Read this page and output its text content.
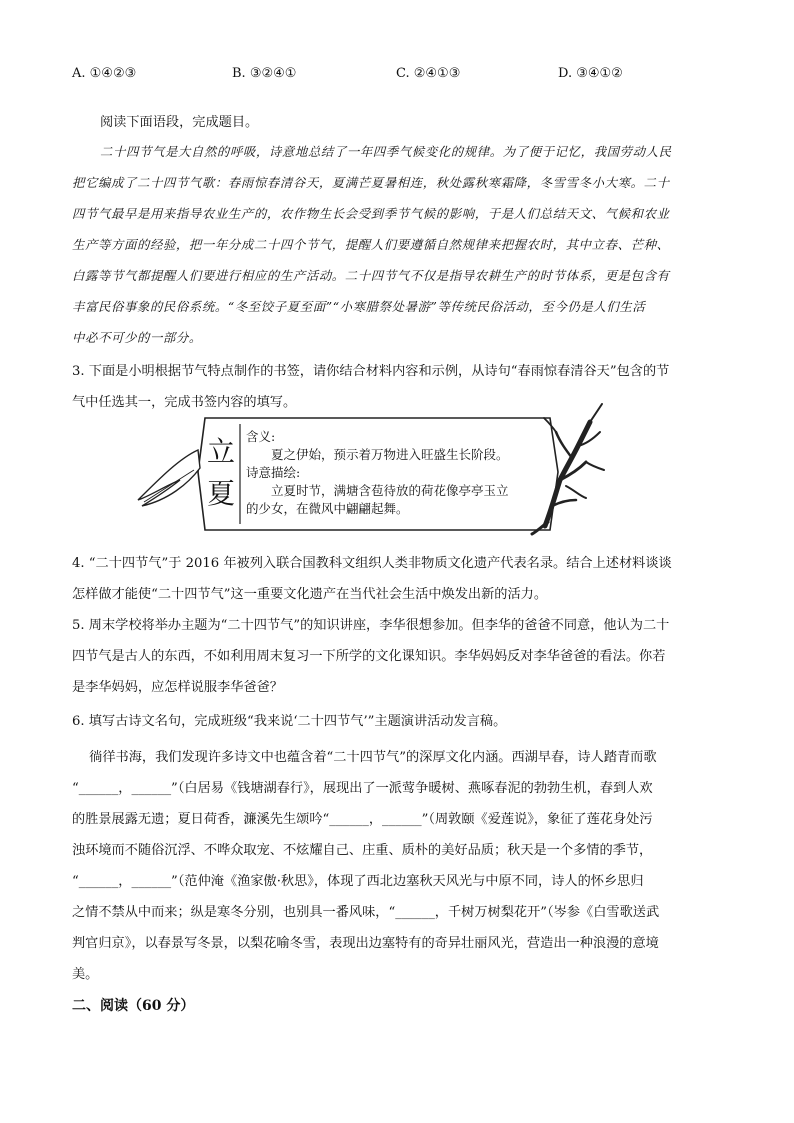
A. ①④②③	B. ③②④①	C. ②④①③	D. ③④①②
阅读下面语段，完成题目。
二十四节气是大自然的呼吸，诗意地总结了一年四季气候变化的规律。为了便于记忆，我国劳动人民
把它编成了二十四节气歌：春雨惊春清谷天，夏满芒夏暑相连，秋处露秋寒霜降，冬雪雪冬小大寒。二十
四节气最早是用来指导农业生产的，农作物生长会受到季节气候的影响，于是人们总结天文、气候和农业
生产等方面的经验，把一年分成二十四个节气，提醒人们要遵循自然规律来把握农时，其中立春、芒种、
白露等节气都提醒人们要进行相应的生产活动。二十四节气不仅是指导农耕生产的时节体系，更是包含有
丰富民俗事象的民俗系统。“冬至饺子夏至面”“小寒腊祭处暑游”等传统民俗活动，至今仍是人们生活
中必不可少的一部分。
3. 下面是小明根据节气特点制作的书签，请你结合材料内容和示例，从诗句“春雨惊春清谷天”包含的节
气中任选其一，完成书签内容的填写。
立
夏
含义:
　　夏之伊始，预示着万物进入旺盛生长阶段。
诗意描绘:
　　立夏时节，满塘含苞待放的荷花像亭亭玉立
的少女，在微风中翩翩起舞。
4. “二十四节气”于 2016 年被列入联合国教科文组织人类非物质文化遗产代表名录。结合上述材料谈谈
怎样做才能使“二十四节气”这一重要文化遗产在当代社会生活中焕发出新的活力。
5. 周末学校将举办主题为“二十四节气”的知识讲座，李华很想参加。但李华的爸爸不同意，他认为二十
四节气是古人的东西，不如利用周末复习一下所学的文化课知识。李华妈妈反对李华爸爸的看法。你若
是李华妈妈，应怎样说服李华爸爸？
6. 填写古诗文名句，完成班级“我来说‘二十四节气’”主题演讲活动发言稿。
　徜徉书海，我们发现许多诗文中也蕴含着“二十四节气”的深厚文化内涵。西湖早春，诗人踏青而歌
“______，______”（白居易《钱塘湖春行》，展现出了一派莺争暖树、燕啄春泥的勃勃生机，春到人欢
的胜景展露无遗；夏日荷香，濂溪先生颂吟“______，______”（周敦颐《爱莲说》，象征了莲花身处污
浊环境而不随俗沉浮、不哗众取宠、不炫耀自己、庄重、质朴的美好品质；秋天是一个多情的季节，
“______，______”（范仲淹《渔家傲·秋思》，体现了西北边塞秋天风光与中原不同，诗人的怀乡思归
之情不禁从中而来；纵是寒冬分别，也别具一番风味，“______，千树万树梨花开”（岑参《白雪歌送武
判官归京》，以春景写冬景，以梨花喻冬雪，表现出边塞特有的奇异壮丽风光，营造出一种浪漫的意境
美。
二、阅读（60 分）
